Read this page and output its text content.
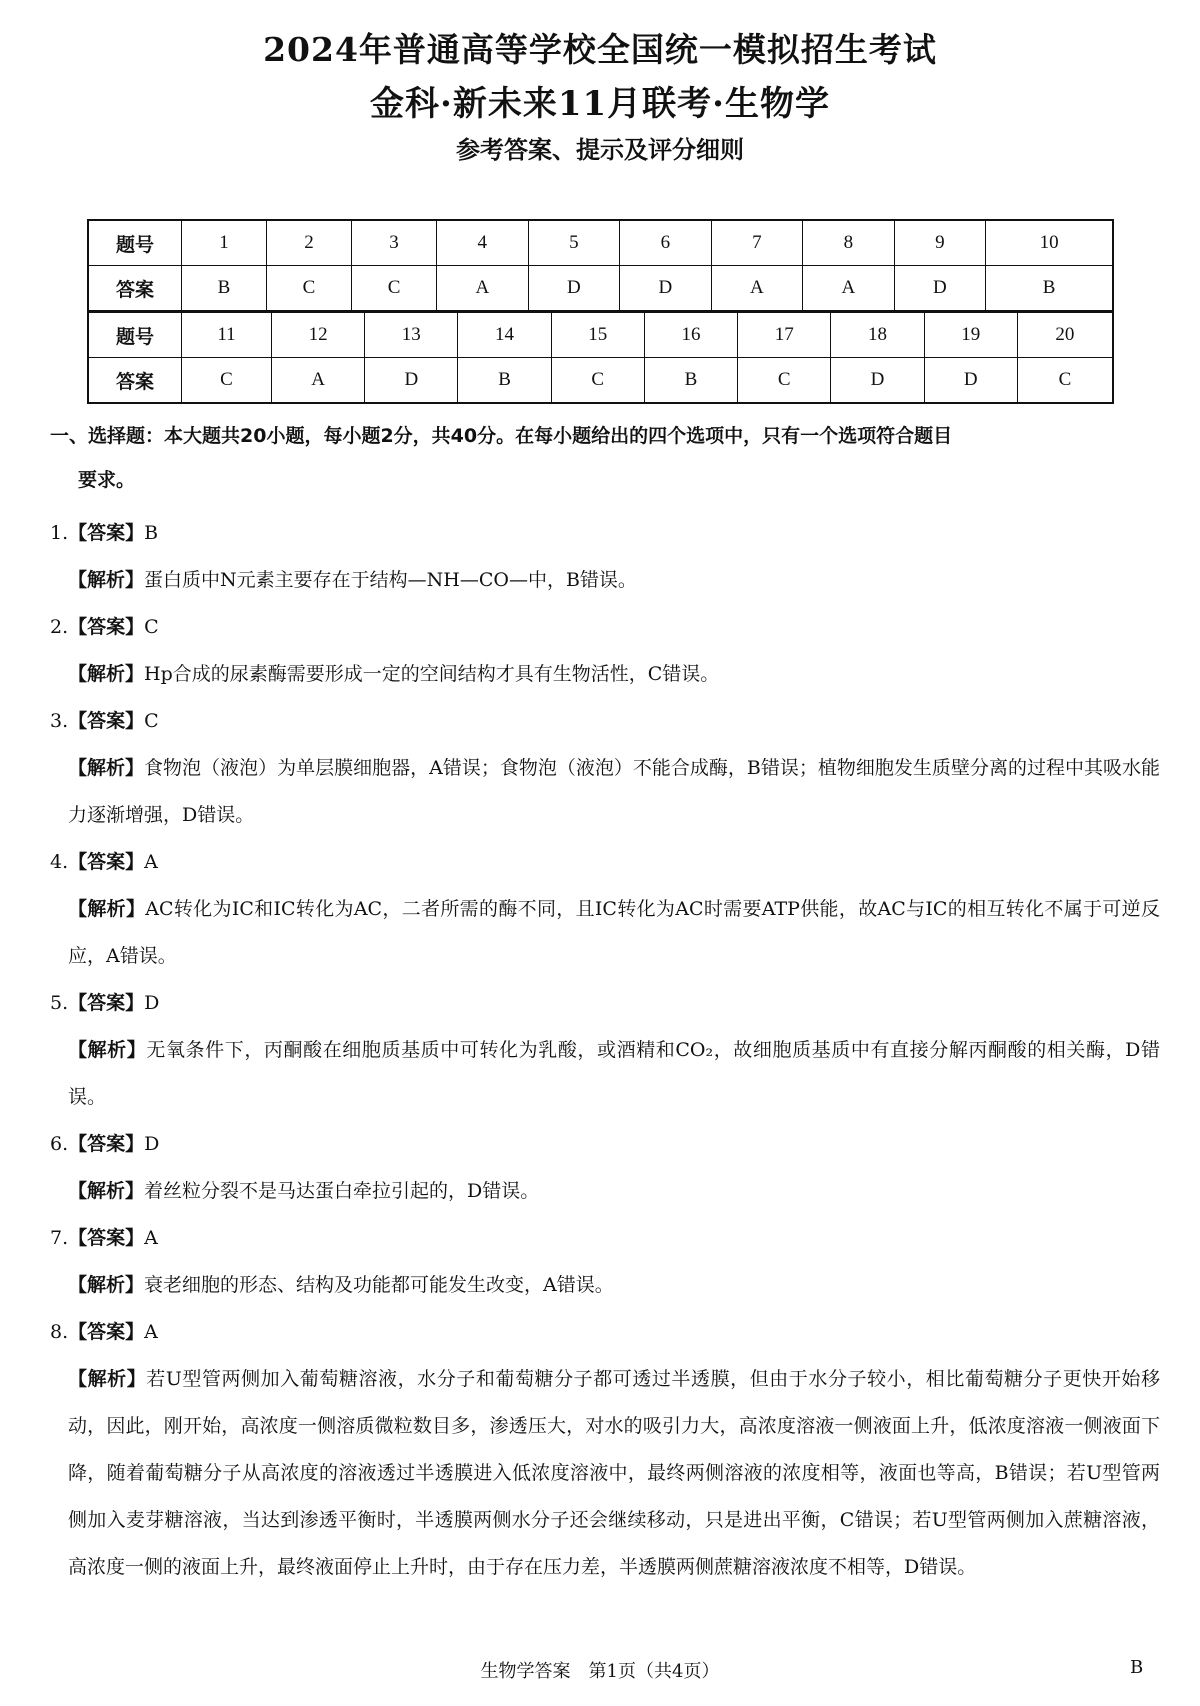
2024年普通高等学校全国统一模拟招生考试
金科·新未来11月联考·生物学
参考答案、提示及评分细则
题号	1	2	3	4	5	6	7	8	9	10
答案	B	C	C	A	D	D	A	A	D	B
题号	11	12	13	14	15	16	17	18	19	20
答案	C	A	D	B	C	B	C	D	D	C
一、选择题：本大题共20小题，每小题2分，共40分。在每小题给出的四个选项中，只有一个选项符合题目
要求。

1.【答案】B

【解析】蛋白质中N元素主要存在于结构—NH—CO—中，B错误。

2.【答案】C

【解析】Hp合成的尿素酶需要形成一定的空间结构才具有生物活性，C错误。

3.【答案】C

【解析】食物泡（液泡）为单层膜细胞器，A错误；食物泡（液泡）不能合成酶，B错误；植物细胞发生质壁分离的过程中其吸水能力逐渐增强，D错误。

4.【答案】A

【解析】AC转化为IC和IC转化为AC，二者所需的酶不同，且IC转化为AC时需要ATP供能，故AC与IC的相互转化不属于可逆反应，A错误。

5.【答案】D

【解析】无氧条件下，丙酮酸在细胞质基质中可转化为乳酸，或酒精和CO₂，故细胞质基质中有直接分解丙酮酸的相关酶，D错误。

6.【答案】D

【解析】着丝粒分裂不是马达蛋白牵拉引起的，D错误。

7.【答案】A

【解析】衰老细胞的形态、结构及功能都可能发生改变，A错误。

8.【答案】A

【解析】若U型管两侧加入葡萄糖溶液，水分子和葡萄糖分子都可透过半透膜，但由于水分子较小，相比葡萄糖分子更快开始移动，因此，刚开始，高浓度一侧溶质微粒数目多，渗透压大，对水的吸引力大，高浓度溶液一侧液面上升，低浓度溶液一侧液面下降，随着葡萄糖分子从高浓度的溶液透过半透膜进入低浓度溶液中，最终两侧溶液的浓度相等，液面也等高，B错误；若U型管两侧加入麦芽糖溶液，当达到渗透平衡时，半透膜两侧水分子还会继续移动，只是进出平衡，C错误；若U型管两侧加入蔗糖溶液，高浓度一侧的液面上升，最终液面停止上升时，由于存在压力差，半透膜两侧蔗糖溶液浓度不相等，D错误。

生物学答案　第1页（共4页）	B
